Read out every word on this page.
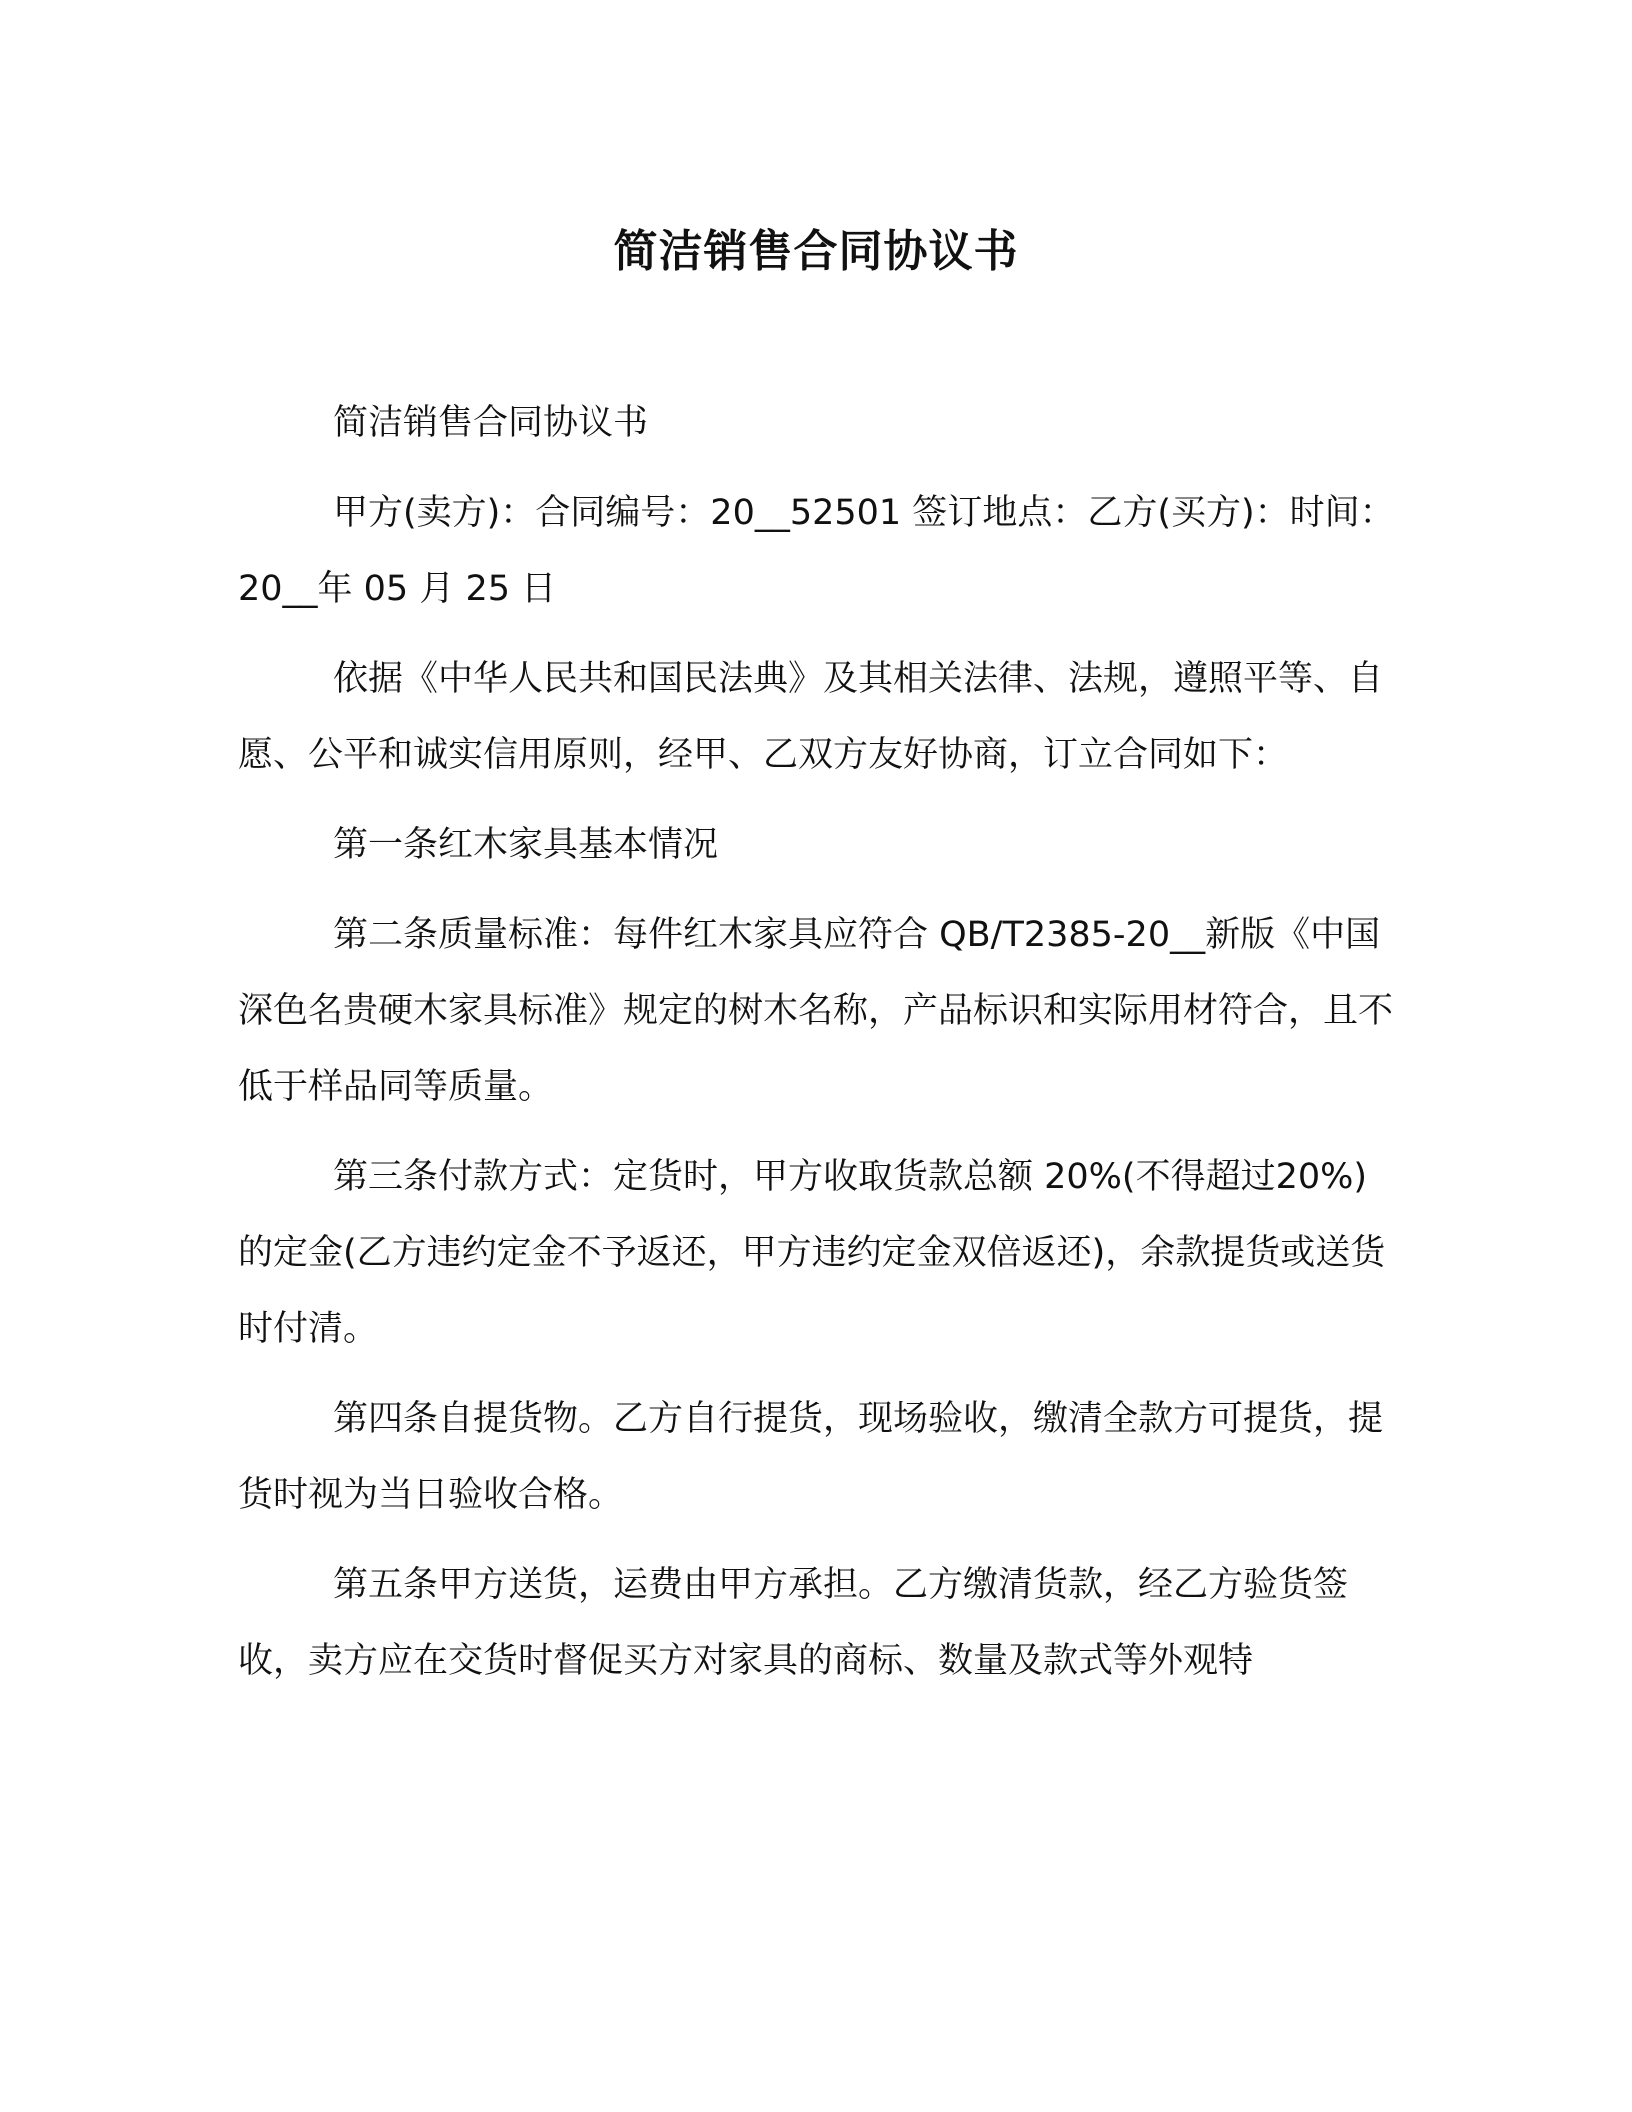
简洁销售合同协议书

简洁销售合同协议书

甲方(卖方)：合同编号：20__52501 签订地点：乙方(买方)：时间：20__年 05 月 25 日

依据《中华人民共和国民法典》及其相关法律、法规，遵照平等、自愿、公平和诚实信用原则，经甲、乙双方友好协商，订立合同如下：

第一条红木家具基本情况

第二条质量标准：每件红木家具应符合 QB/T2385-20__新版《中国深色名贵硬木家具标准》规定的树木名称，产品标识和实际用材符合，且不低于样品同等质量。

第三条付款方式：定货时，甲方收取货款总额 20%(不得超过20%)的定金(乙方违约定金不予返还，甲方违约定金双倍返还)，余款提货或送货时付清。

第四条自提货物。乙方自行提货，现场验收，缴清全款方可提货，提货时视为当日验收合格。

第五条甲方送货，运费由甲方承担。乙方缴清货款，经乙方验货签收，卖方应在交货时督促买方对家具的商标、数量及款式等外观特
